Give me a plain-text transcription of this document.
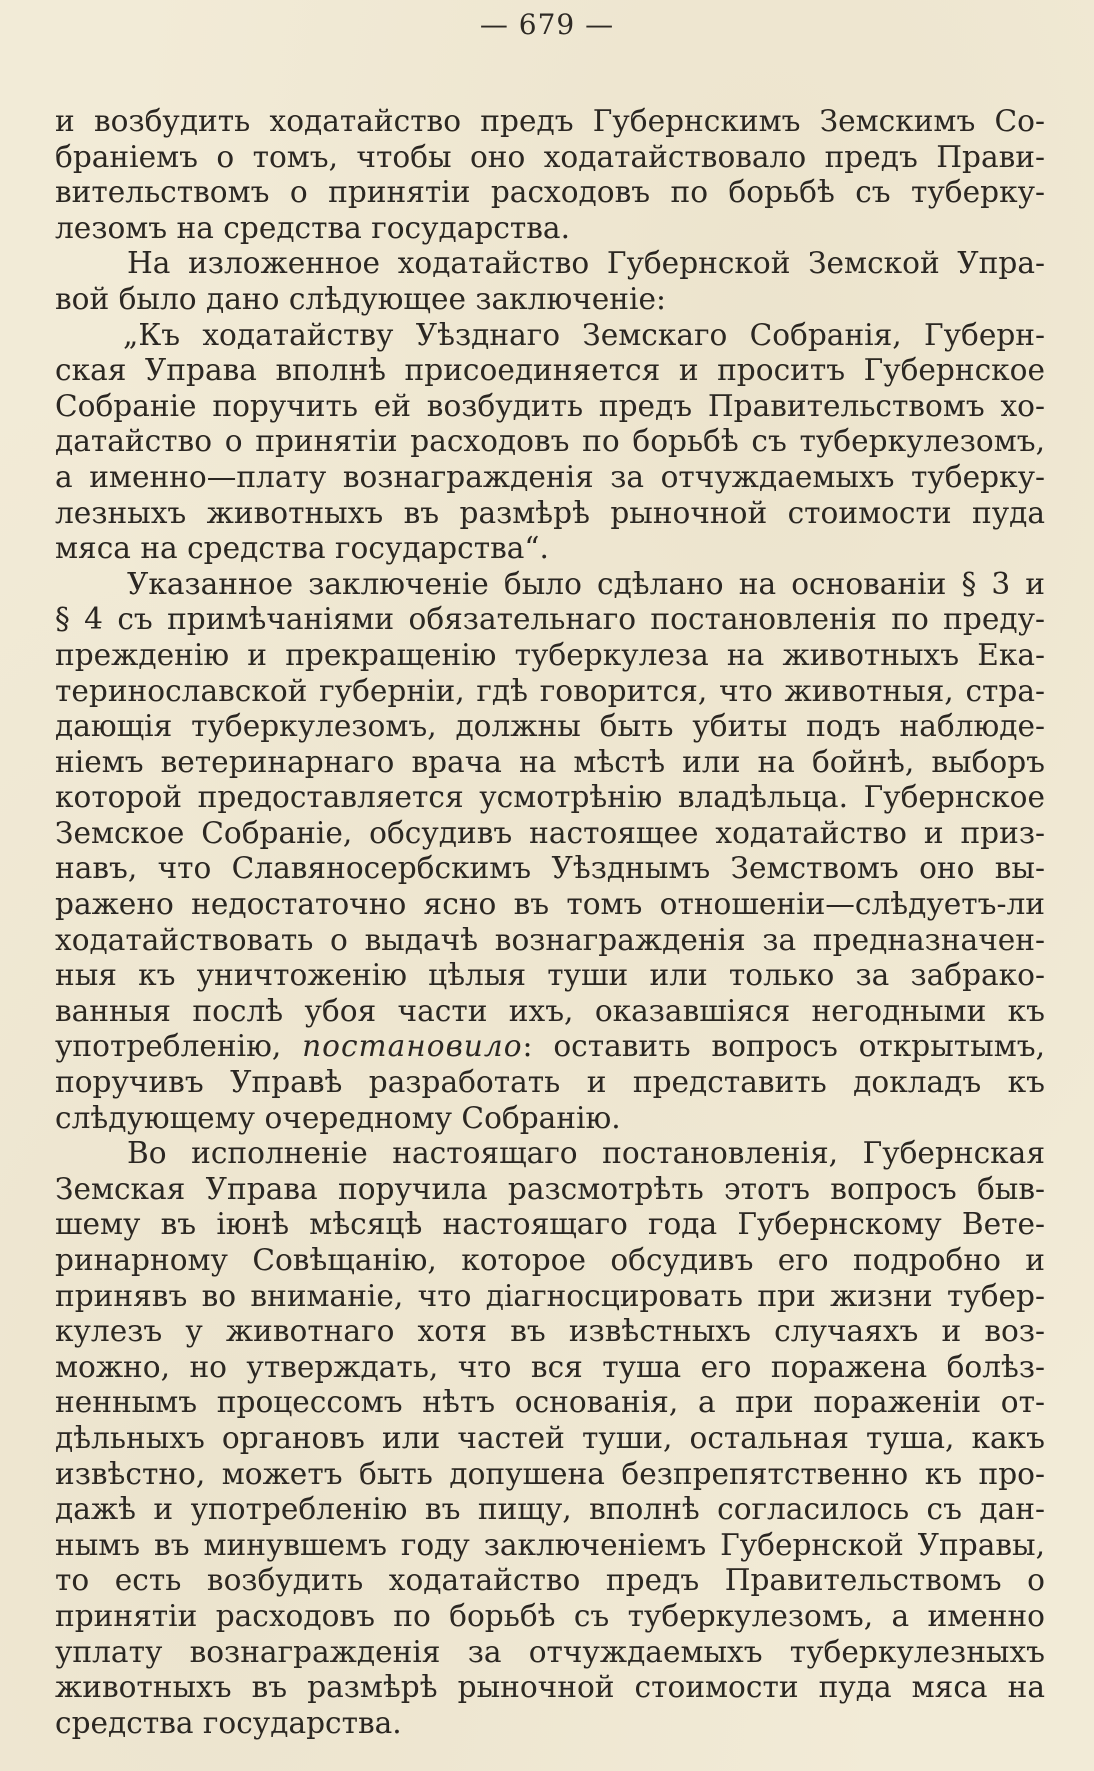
— 679 —
и возбудить ходатайство предъ Губернскимъ Земскимъ Со-
бранiемъ о томъ, чтобы оно ходатайствовало предъ Прави-
вительствомъ о принятiи расходовъ по борьбѣ съ туберку-
лезомъ на средства государства.
На изложенное ходатайство Губернской Земской Упра-
вой было дано слѣдующее заключенiе:
„Къ ходатайству Уѣзднаго Земскаго Собранiя, Губерн-
ская Управа вполнѣ присоединяется и проситъ Губернское
Собранiе поручить ей возбудить предъ Правительствомъ хо-
датайство о принятiи расходовъ по борьбѣ съ туберкулезомъ,
а именно—плату вознагражденiя за отчуждаемыхъ туберку-
лезныхъ животныхъ въ размѣрѣ рыночной стоимости пуда
мяса на средства государства“.
Указанное заключенiе было сдѣлано на основанiи § 3 и
§ 4 съ примѣчанiями обязательнаго постановленiя по преду-
прежденiю и прекращенiю туберкулеза на животныхъ Ека-
теринославской губернiи, гдѣ говорится, что животныя, стра-
дающiя туберкулезомъ, должны быть убиты подъ наблюде-
нiемъ ветеринарнаго врача на мѣстѣ или на бойнѣ, выборъ
которой предоставляется усмотрѣнiю владѣльца. Губернское
Земское Собранiе, обсудивъ настоящее ходатайство и приз-
навъ, что Славяносербскимъ Уѣзднымъ Земствомъ оно вы-
ражено недостаточно ясно въ томъ отношенiи—слѣдуетъ-ли
ходатайствовать о выдачѣ вознагражденiя за предназначен-
ныя къ уничтоженiю цѣлыя туши или только за забрако-
ванныя послѣ убоя части ихъ, оказавшiяся негодными къ
употребленiю, постановило: оставить вопросъ открытымъ,
поручивъ Управѣ разработать и представить докладъ къ
слѣдующему очередному Собранiю.
Во исполненiе настоящаго постановленiя, Губернская
Земская Управа поручила разсмотрѣть этотъ вопросъ быв-
шему въ iюнѣ мѣсяцѣ настоящаго года Губернскому Вете-
ринарному Совѣщанiю, которое обсудивъ его подробно и
принявъ во вниманiе, что дiагносцировать при жизни тубер-
кулезъ у животнаго хотя въ извѣстныхъ случаяхъ и воз-
можно, но утверждать, что вся туша его поражена болѣз-
неннымъ процессомъ нѣтъ основанiя, а при пораженiи от-
дѣльныхъ органовъ или частей туши, остальная туша, какъ
извѣстно, можетъ быть допушена безпрепятственно къ про-
дажѣ и употребленiю въ пищу, вполнѣ согласилось съ дан-
нымъ въ минувшемъ году заключенiемъ Губернской Управы,
то есть возбудить ходатайство предъ Правительствомъ о
принятiи расходовъ по борьбѣ съ туберкулезомъ, а именно
уплату вознагражденiя за отчуждаемыхъ туберкулезныхъ
животныхъ въ размѣрѣ рыночной стоимости пуда мяса на
средства государства.
